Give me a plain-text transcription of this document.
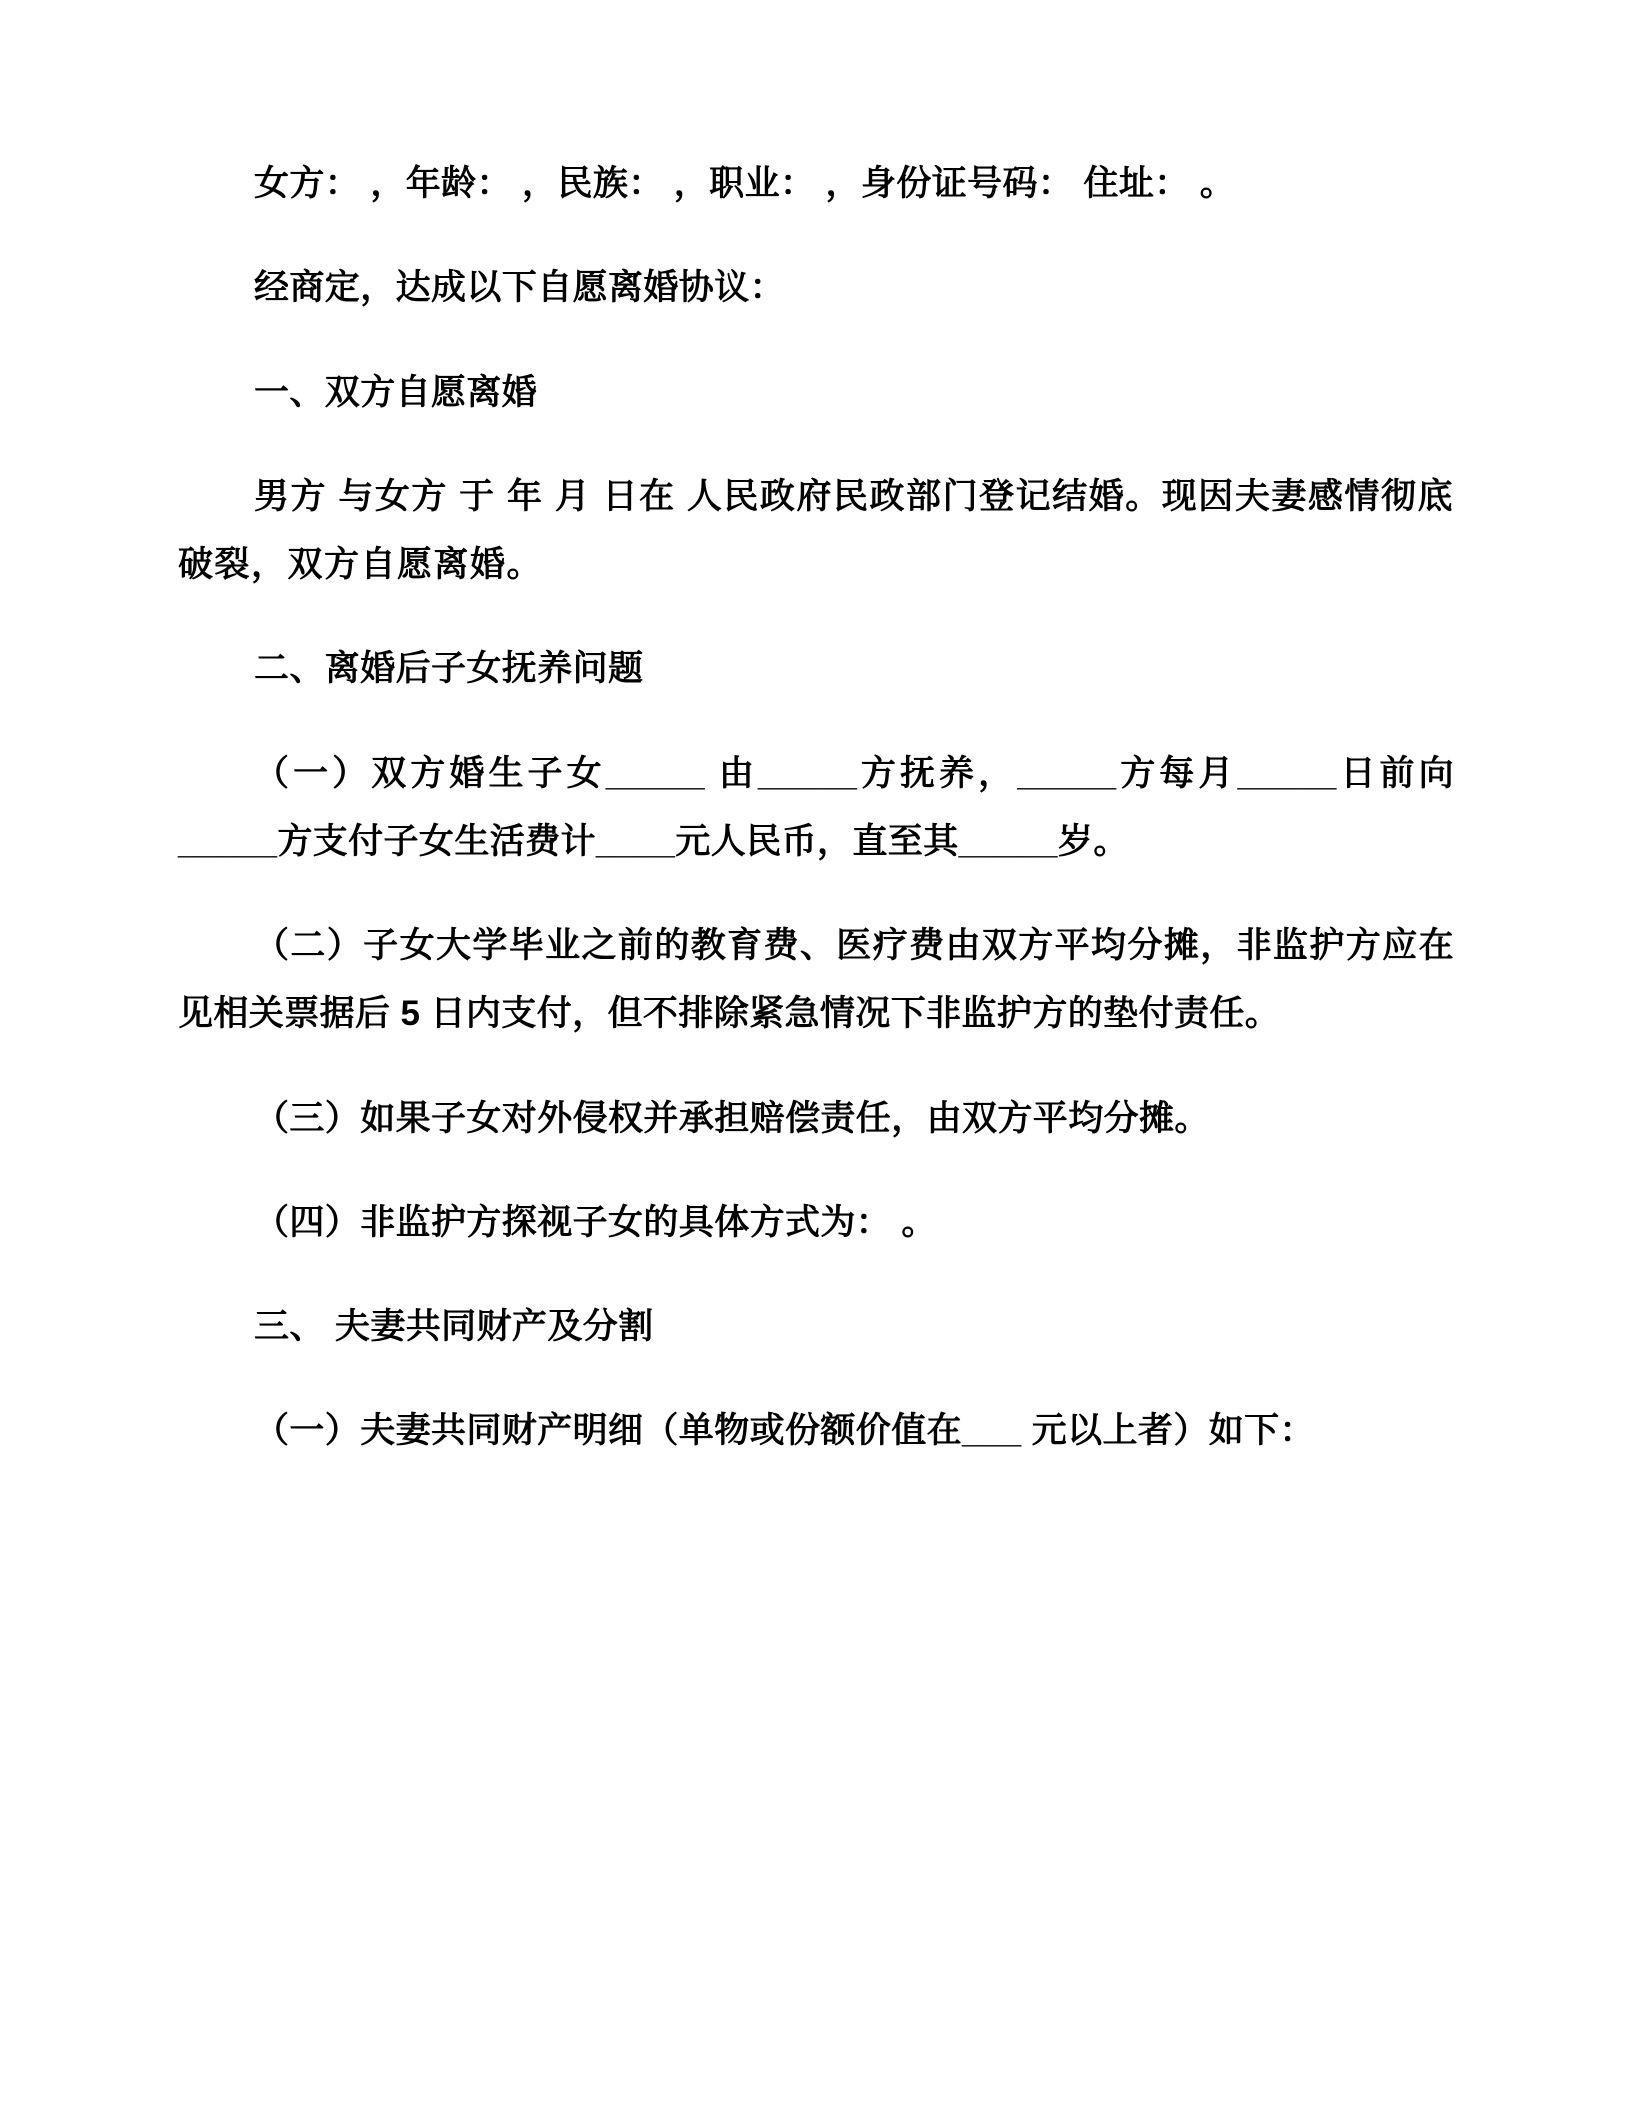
女方： ，年龄： ，民族： ，职业： ，身份证号码： 住址： 。

经商定，达成以下自愿离婚协议：

一、双方自愿离婚

男方 与女方 于 年 月 日在 人民政府民政部门登记结婚。现因夫妻感情彻底破裂，双方自愿离婚。

二、离婚后子女抚养问题

（一）双方婚生子女_____ 由_____方抚养，_____方每月_____日前向_____方支付子女生活费计____元人民币，直至其_____岁。

（二）子女大学毕业之前的教育费、医疗费由双方平均分摊，非监护方应在见相关票据后 5 日内支付，但不排除紧急情况下非监护方的垫付责任。

（三）如果子女对外侵权并承担赔偿责任，由双方平均分摊。

（四）非监护方探视子女的具体方式为： 。

三、 夫妻共同财产及分割

（一）夫妻共同财产明细（单物或份额价值在___ 元以上者）如下：
